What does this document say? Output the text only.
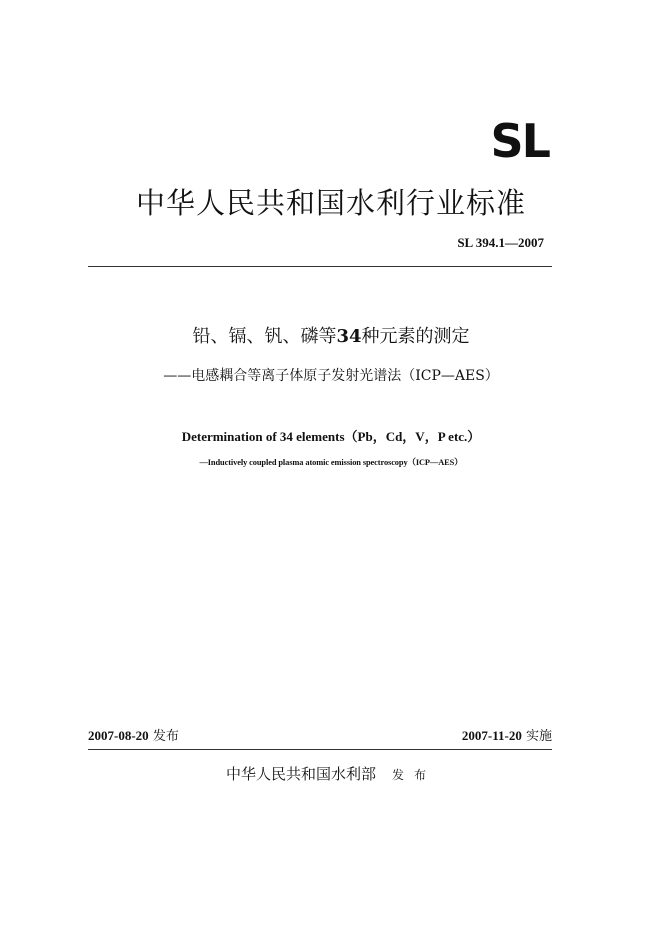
SL
中华人民共和国水利行业标准
SL 394.1—2007
铅、镉、钒、磷等34种元素的测定
——电感耦合等离子体原子发射光谱法（ICP—AES）
Determination of 34 elements（Pb，Cd，V，P etc.）
—Inductively coupled plasma atomic emission spectroscopy（ICP—AES）
2007-08-20 发布	2007-11-20 实施
中华人民共和国水利部 发布
